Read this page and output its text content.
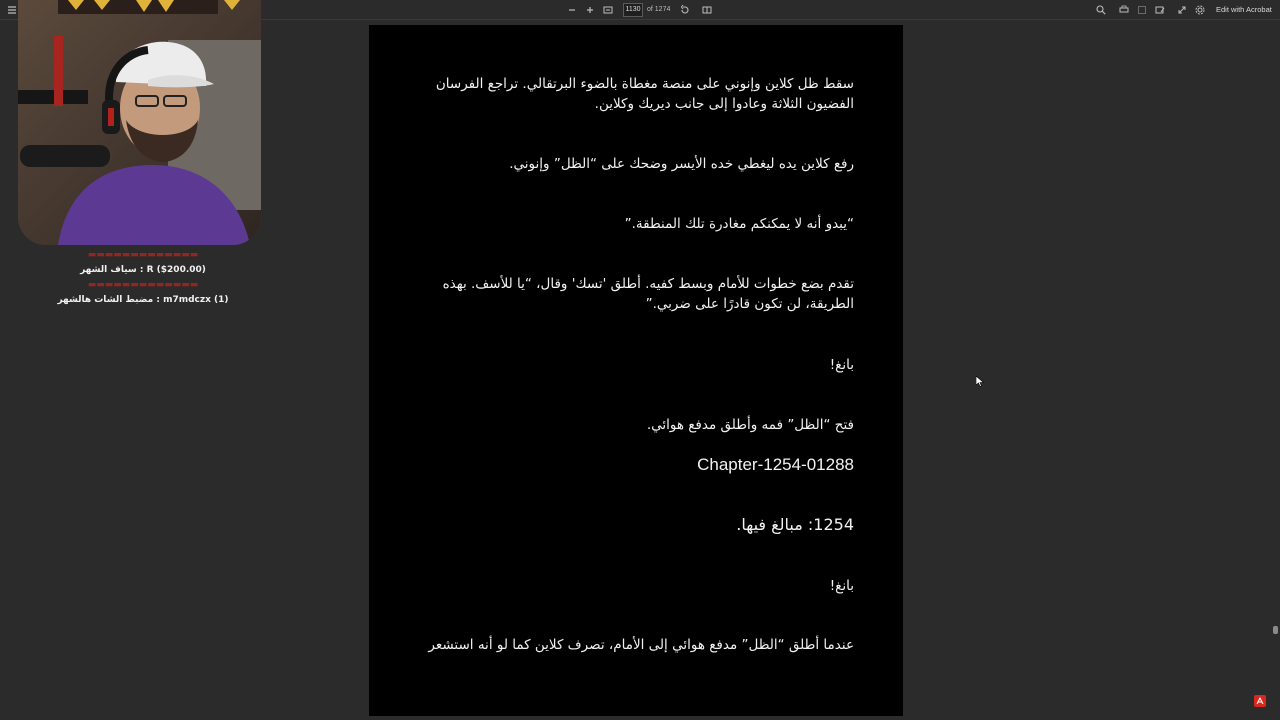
1130 of 1274	Edit with Acrobat
سقط ظل كلاين وإنوني على منصة مغطاة بالضوء البرتقالي. تراجع الفرسان الفضيون الثلاثة وعادوا إلى جانب ديريك وكلاين.
رفع كلاين يده ليغطي خده الأيسر وضحك على “الظل” وإنوني.
“يبدو أنه لا يمكنكم مغادرة تلك المنطقة.”
تقدم بضع خطوات للأمام وبسط كفيه. أطلق 'تسك' وقال، “يا للأسف. بهذه الطريقة، لن تكون قادرًا على ضربي.”
بانغ!
فتح “الظل” فمه وأطلق مدفع هوائي.
Chapter-1254-01288
1254: مبالغ فيها.
بانغ!
عندما أطلق “الظل” مدفع هوائي إلى الأمام، تصرف كلاين كما لو أنه استشعر
▬▬▬▬▬▬▬▬▬▬▬▬▬
R ($200.00) : سياف الشهر
▬▬▬▬▬▬▬▬▬▬▬▬▬
m7mdczx (1) : مضبط الشات هالشهر
